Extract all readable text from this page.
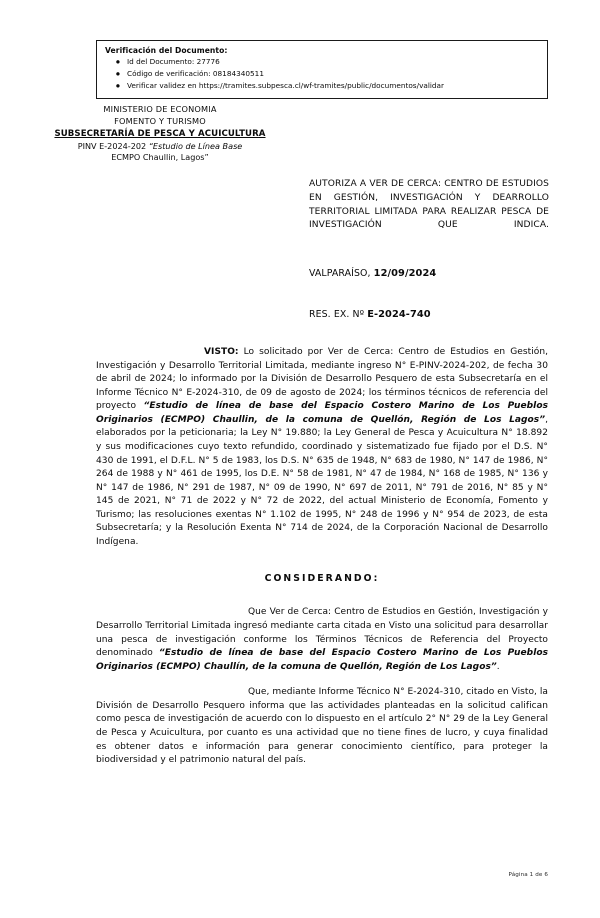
Verificación del Documento:
● Id del Documento: 27776
● Código de verificación: 08184340511
● Verificar validez en https://tramites.subpesca.cl/wf-tramites/public/documentos/validar
MINISTERIO DE ECONOMIA
FOMENTO Y TURISMO
SUBSECRETARÍA DE PESCA Y ACUICULTURA
PINV E-2024-202 “Estudio de Línea Base
ECMPO Chaullin, Lagos”
AUTORIZA A VER DE CERCA: CENTRO DE ESTUDIOS EN GESTIÓN, INVESTIGACIÓN Y DEARROLLO TERRITORIAL LIMITADA PARA REALIZAR PESCA DE INVESTIGACIÓN QUE INDICA.
VALPARAÍSO, 12/09/2024
RES. EX. Nº E-2024-740

VISTO: Lo solicitado por Ver de Cerca: Centro de Estudios en Gestión, Investigación y Desarrollo Territorial Limitada, mediante ingreso N° E-PINV-2024-202, de fecha 30 de abril de 2024; lo informado por la División de Desarrollo Pesquero de esta Subsecretaría en el Informe Técnico N° E-2024-310, de 09 de agosto de 2024; los términos técnicos de referencia del proyecto “Estudio de línea de base del Espacio Costero Marino de Los Pueblos Originarios (ECMPO) Chaullin, de la comuna de Quellón, Región de Los Lagos”, elaborados por la peticionaria; la Ley N° 19.880; la Ley General de Pesca y Acuicultura N° 18.892 y sus modificaciones cuyo texto refundido, coordinado y sistematizado fue fijado por el D.S. N° 430 de 1991, el D.F.L. N° 5 de 1983, los D.S. N° 635 de 1948, N° 683 de 1980, N° 147 de 1986, N° 264 de 1988 y N° 461 de 1995, los D.E. N° 58 de 1981, N° 47 de 1984, N° 168 de 1985, N° 136 y N° 147 de 1986, N° 291 de 1987, N° 09 de 1990, N° 697 de 2011, N° 791 de 2016, N° 85 y N° 145 de 2021, N° 71 de 2022 y N° 72 de 2022, del actual Ministerio de Economía, Fomento y Turismo; las resoluciones exentas N° 1.102 de 1995, N° 248 de 1996 y N° 954 de 2023, de esta Subsecretaría; y la Resolución Exenta N° 714 de 2024, de la Corporación Nacional de Desarrollo Indígena.

CONSIDERANDO:

Que Ver de Cerca: Centro de Estudios en Gestión, Investigación y Desarrollo Territorial Limitada ingresó mediante carta citada en Visto una solicitud para desarrollar una pesca de investigación conforme los Términos Técnicos de Referencia del Proyecto denominado “Estudio de línea de base del Espacio Costero Marino de Los Pueblos Originarios (ECMPO) Chaullín, de la comuna de Quellón, Región de Los Lagos”.

Que, mediante Informe Técnico N° E-2024-310, citado en Visto, la División de Desarrollo Pesquero informa que las actividades planteadas en la solicitud califican como pesca de investigación de acuerdo con lo dispuesto en el artículo 2° N° 29 de la Ley General de Pesca y Acuicultura, por cuanto es una actividad que no tiene fines de lucro, y cuya finalidad es obtener datos e información para generar conocimiento científico, para proteger la biodiversidad y el patrimonio natural del país.

Página 1 de 6
